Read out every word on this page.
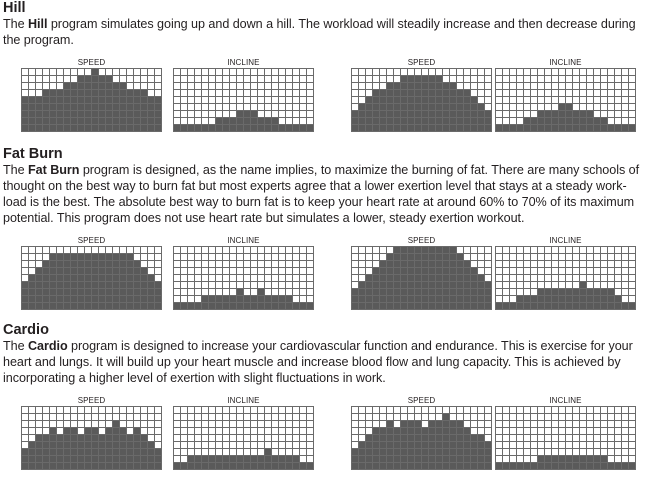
Hill

The Hill program simulates going up and down a hill. The workload will steadily increase and then decrease during
the program.

Fat Burn

The Fat Burn program is designed, as the name implies, to maximize the burning of fat. There are many schools of
thought on the best way to burn fat but most experts agree that a lower exertion level that stays at a steady work-
load is the best. The absolute best way to burn fat is to keep your heart rate at around 60% to 70% of its maximum
potential. This program does not use heart rate but simulates a lower, steady exertion workout.

Cardio

The Cardio program is designed to increase your cardiovascular function and endurance. This is exercise for your
heart and lungs. It will build up your heart muscle and increase blood flow and lung capacity. This is achieved by
incorporating a higher level of exertion with slight fluctuations in work.

SPEED	INCLINE	SPEED	INCLINE
SPEED	INCLINE	SPEED	INCLINE
SPEED	INCLINE	SPEED	INCLINE
